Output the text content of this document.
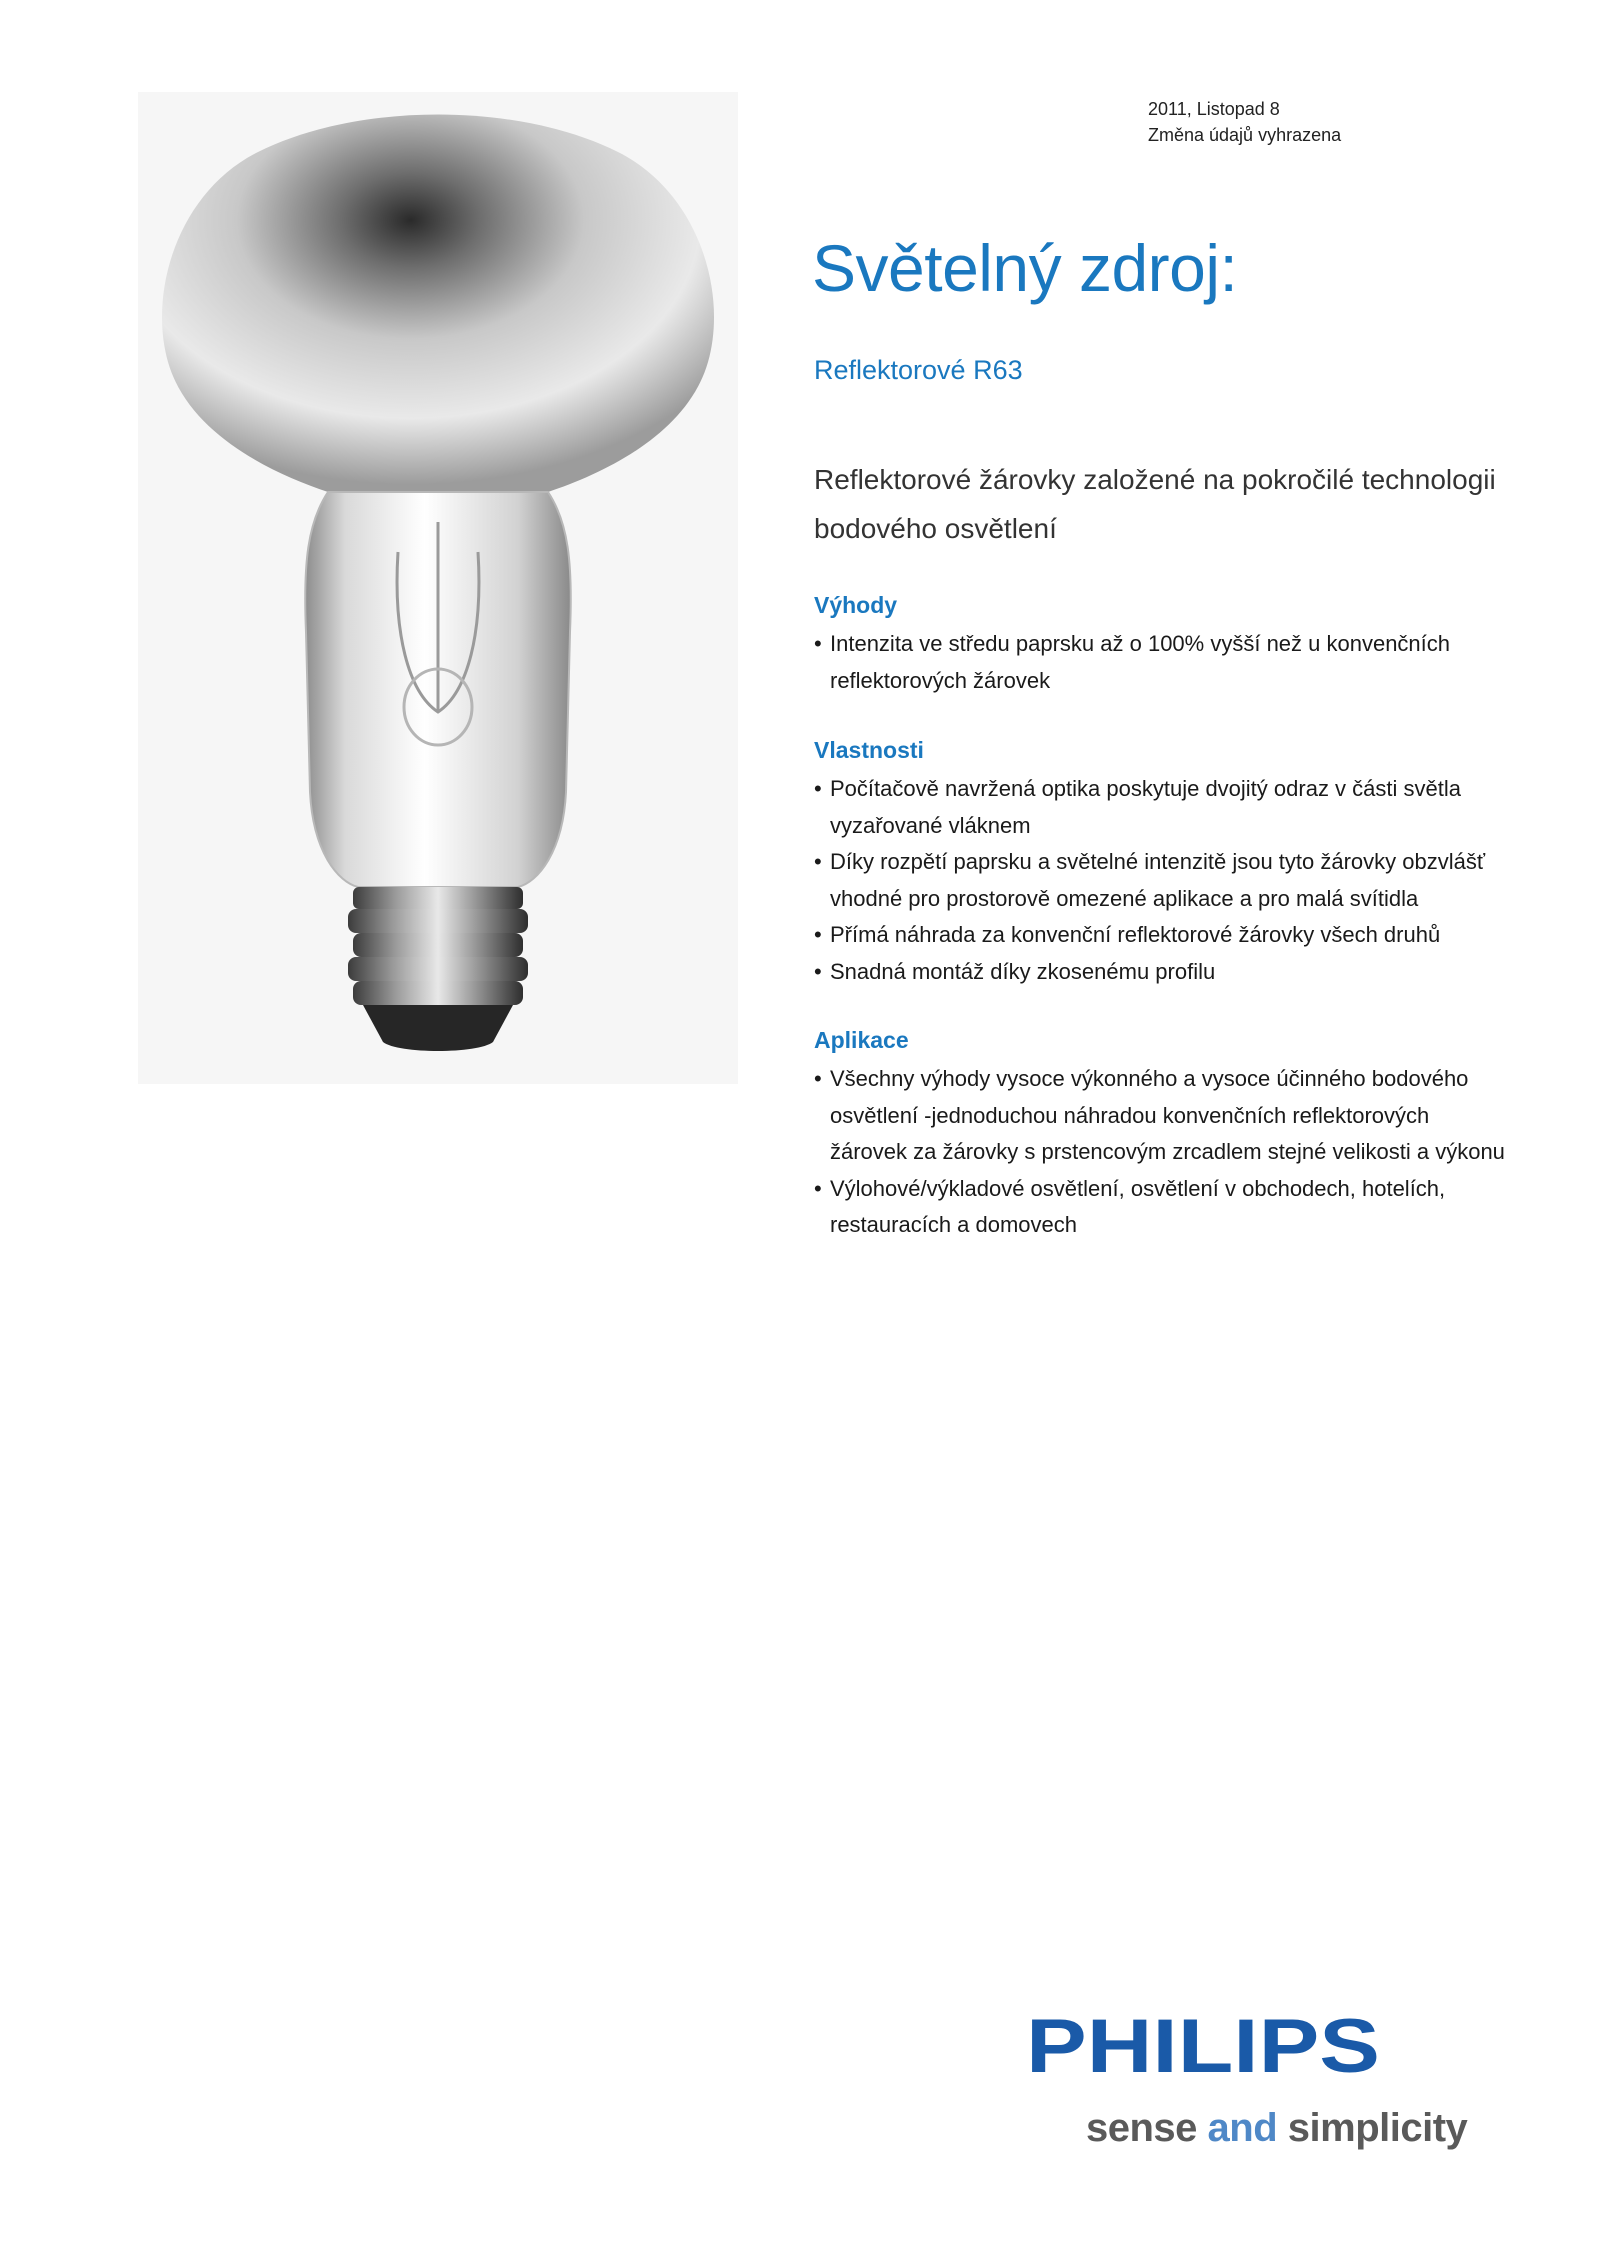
2011, Listopad 8
Změna údajů vyhrazena
Světelný zdroj:
Reflektorové R63
Reflektorové žárovky založené na pokročilé technologii
bodového osvětlení
Výhody
• Intenzita ve středu paprsku až o 100% vyšší než u konvenčních
reflektorových žárovek
Vlastnosti
• Počítačově navržená optika poskytuje dvojitý odraz v části světla
vyzařované vláknem
• Díky rozpětí paprsku a světelné intenzitě jsou tyto žárovky obzvlášť
vhodné pro prostorově omezené aplikace a pro malá svítidla
• Přímá náhrada za konvenční reflektorové žárovky všech druhů
• Snadná montáž díky zkosenému profilu
Aplikace
• Všechny výhody vysoce výkonného a vysoce účinného bodového
osvětlení -jednoduchou náhradou konvenčních reflektorových
žárovek za žárovky s prstencovým zrcadlem stejné velikosti a výkonu
• Výlohové/výkladové osvětlení, osvětlení v obchodech, hotelích,
restauracích a domovech
PHILIPS
sense and simplicity
